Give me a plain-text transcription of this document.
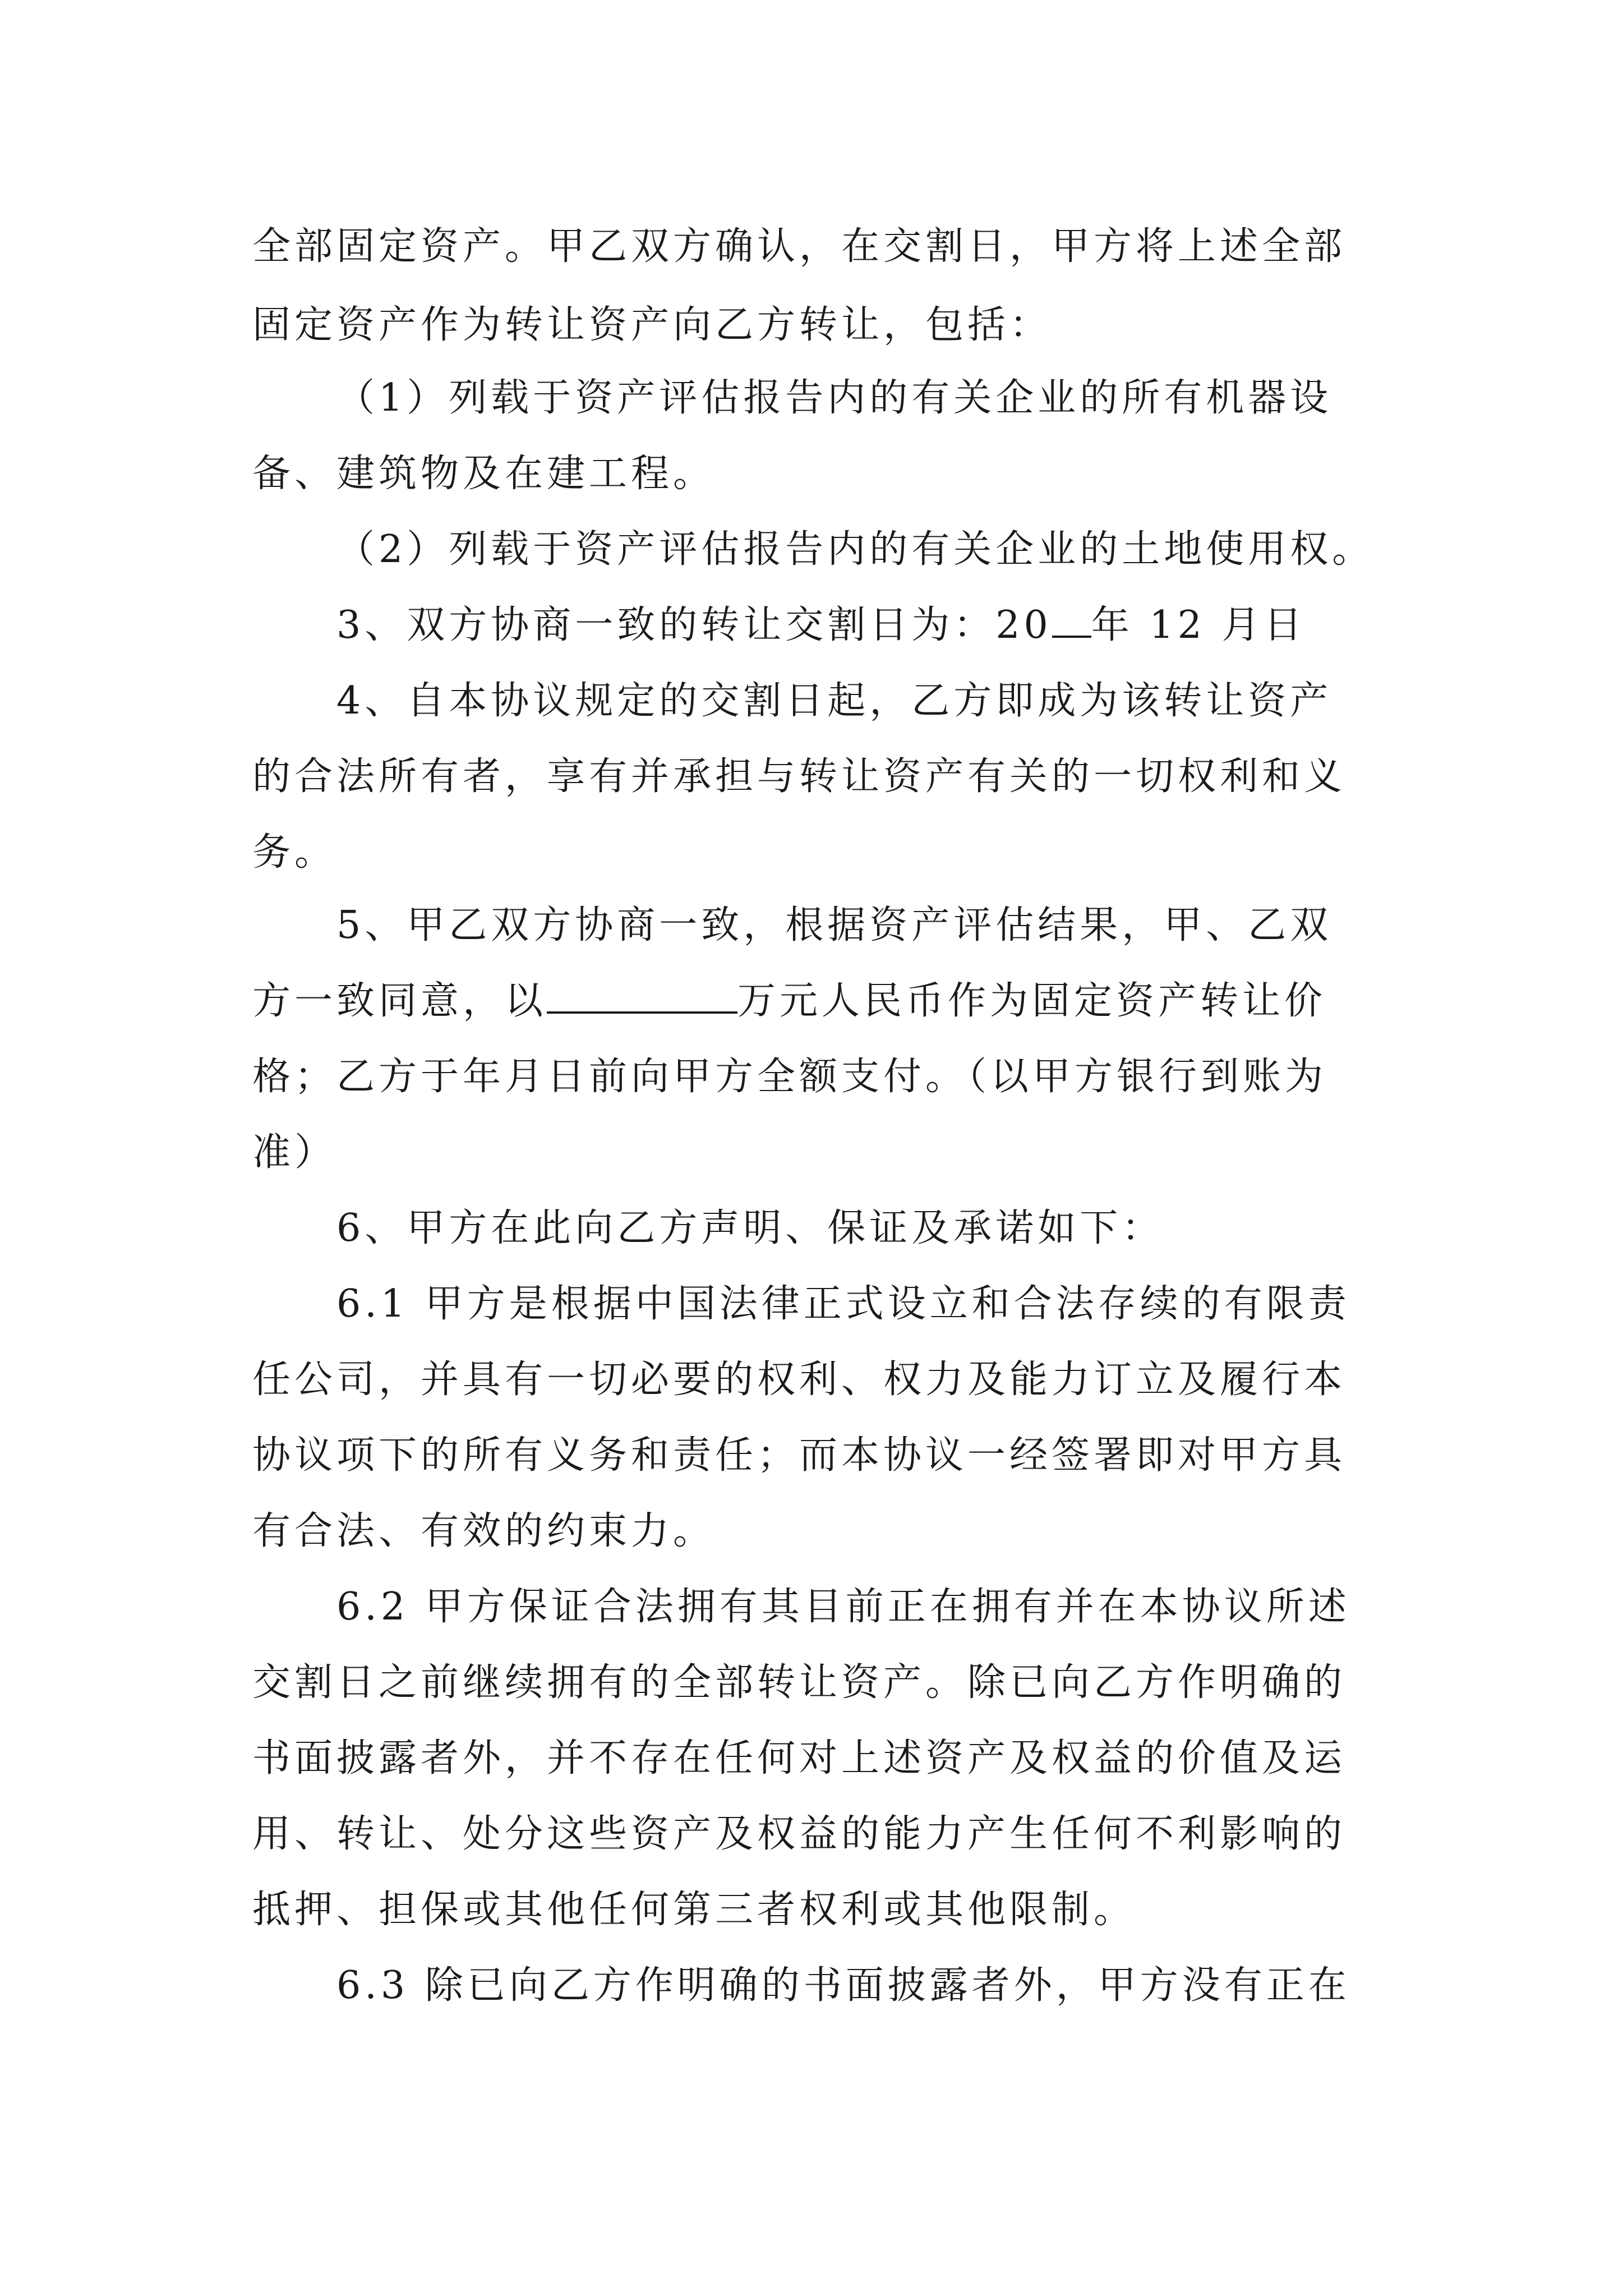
全部固定资产。甲乙双方确认，在交割日，甲方将上述全部
固定资产作为转让资产向乙方转让，包括：
（1）列载于资产评估报告内的有关企业的所有机器设
备、建筑物及在建工程。
（2）列载于资产评估报告内的有关企业的土地使用权。
3、双方协商一致的转让交割日为：20 年 12 月日
4、自本协议规定的交割日起，乙方即成为该转让资产
的合法所有者，享有并承担与转让资产有关的一切权利和义
务。
5、甲乙双方协商一致，根据资产评估结果，甲、乙双
方一致同意，以	万元人民币作为固定资产转让价
格；乙方于年月日前向甲方全额支付。（以甲方银行到账为
准）
6、甲方在此向乙方声明、保证及承诺如下：
6.1 甲方是根据中国法律正式设立和合法存续的有限责
任公司，并具有一切必要的权利、权力及能力订立及履行本
协议项下的所有义务和责任；而本协议一经签署即对甲方具
有合法、有效的约束力。
6.2 甲方保证合法拥有其目前正在拥有并在本协议所述
交割日之前继续拥有的全部转让资产。除已向乙方作明确的
书面披露者外，并不存在任何对上述资产及权益的价值及运
用、转让、处分这些资产及权益的能力产生任何不利影响的
抵押、担保或其他任何第三者权利或其他限制。
6.3 除已向乙方作明确的书面披露者外，甲方没有正在
